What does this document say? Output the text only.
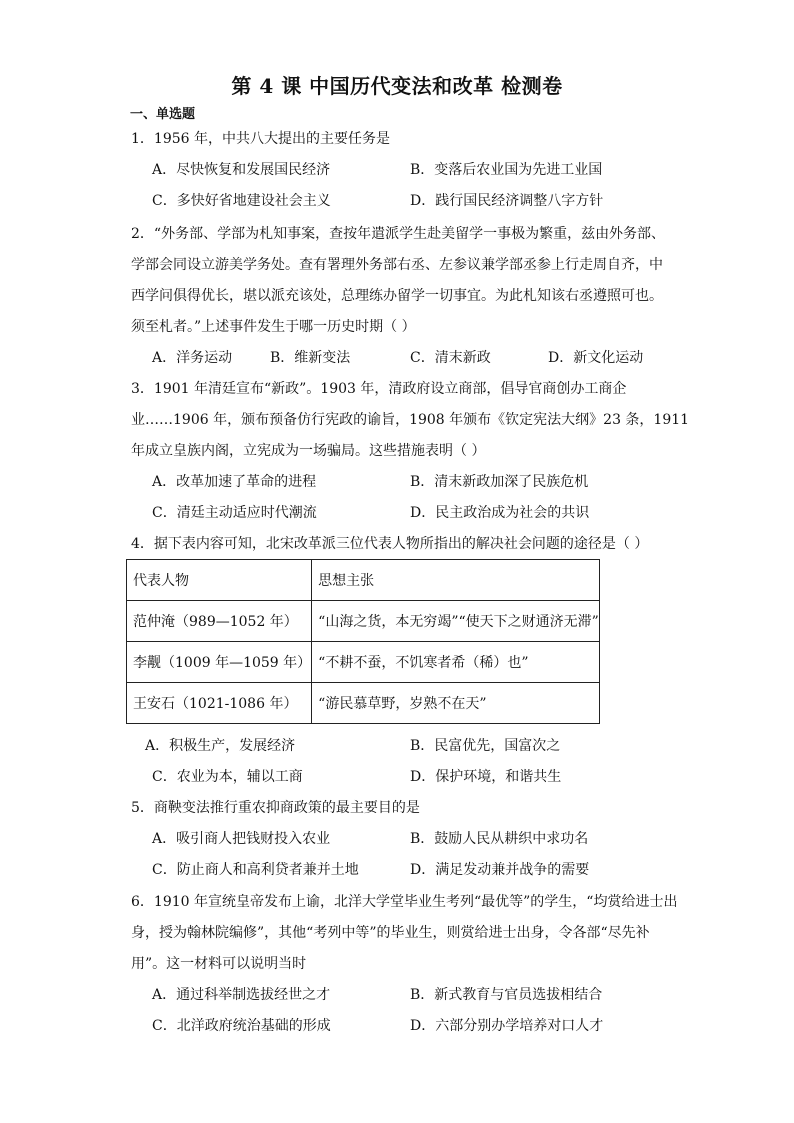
第 4 课 中国历代变法和改革 检测卷
一、单选题
1．1956 年，中共八大提出的主要任务是
A．尽快恢复和发展国民经济	B．变落后农业国为先进工业国
C．多快好省地建设社会主义	D．践行国民经济调整八字方针
2．“外务部、学部为札知事案，查按年遣派学生赴美留学一事极为繁重，兹由外务部、
学部会同设立游美学务处。查有署理外务部右丞、左参议兼学部丞参上行走周自齐，中
西学问俱得优长，堪以派充该处，总理练办留学一切事宜。为此札知该右丞遵照可也。
须至札者。”上述事件发生于哪一历史时期（ ）
A．洋务运动	B．维新变法	C．清末新政	D．新文化运动
3．1901 年清廷宣布“新政”。1903 年，清政府设立商部，倡导官商创办工商企
业……1906 年，颁布预备仿行宪政的谕旨，1908 年颁布《钦定宪法大纲》23 条，1911
年成立皇族内阁，立宪成为一场骗局。这些措施表明（ ）
A．改革加速了革命的进程	B．清末新政加深了民族危机
C．清廷主动适应时代潮流	D．民主政治成为社会的共识
4．据下表内容可知，北宋改革派三位代表人物所指出的解决社会问题的途径是（ ）
代表人物	思想主张
范仲淹（989—1052 年）	“山海之货，本无穷竭”“使天下之财通济无滞”
李觏（1009 年—1059 年）	“不耕不蚕，不饥寒者希（稀）也”
王安石（1021-1086 年）	“游民慕草野，岁熟不在天”
A．积极生产，发展经济	B．民富优先，国富次之
C．农业为本，辅以工商	D．保护环境，和谐共生
5．商鞅变法推行重农抑商政策的最主要目的是
A．吸引商人把钱财投入农业	B．鼓励人民从耕织中求功名
C．防止商人和高利贷者兼并土地	D．满足发动兼并战争的需要
6．1910 年宣统皇帝发布上谕，北洋大学堂毕业生考列“最优等”的学生，“均赏给进士出
身，授为翰林院编修”，其他“考列中等”的毕业生，则赏给进士出身，令各部“尽先补
用”。这一材料可以说明当时
A．通过科举制选拔经世之才	B．新式教育与官员选拔相结合
C．北洋政府统治基础的形成	D．六部分别办学培养对口人才
